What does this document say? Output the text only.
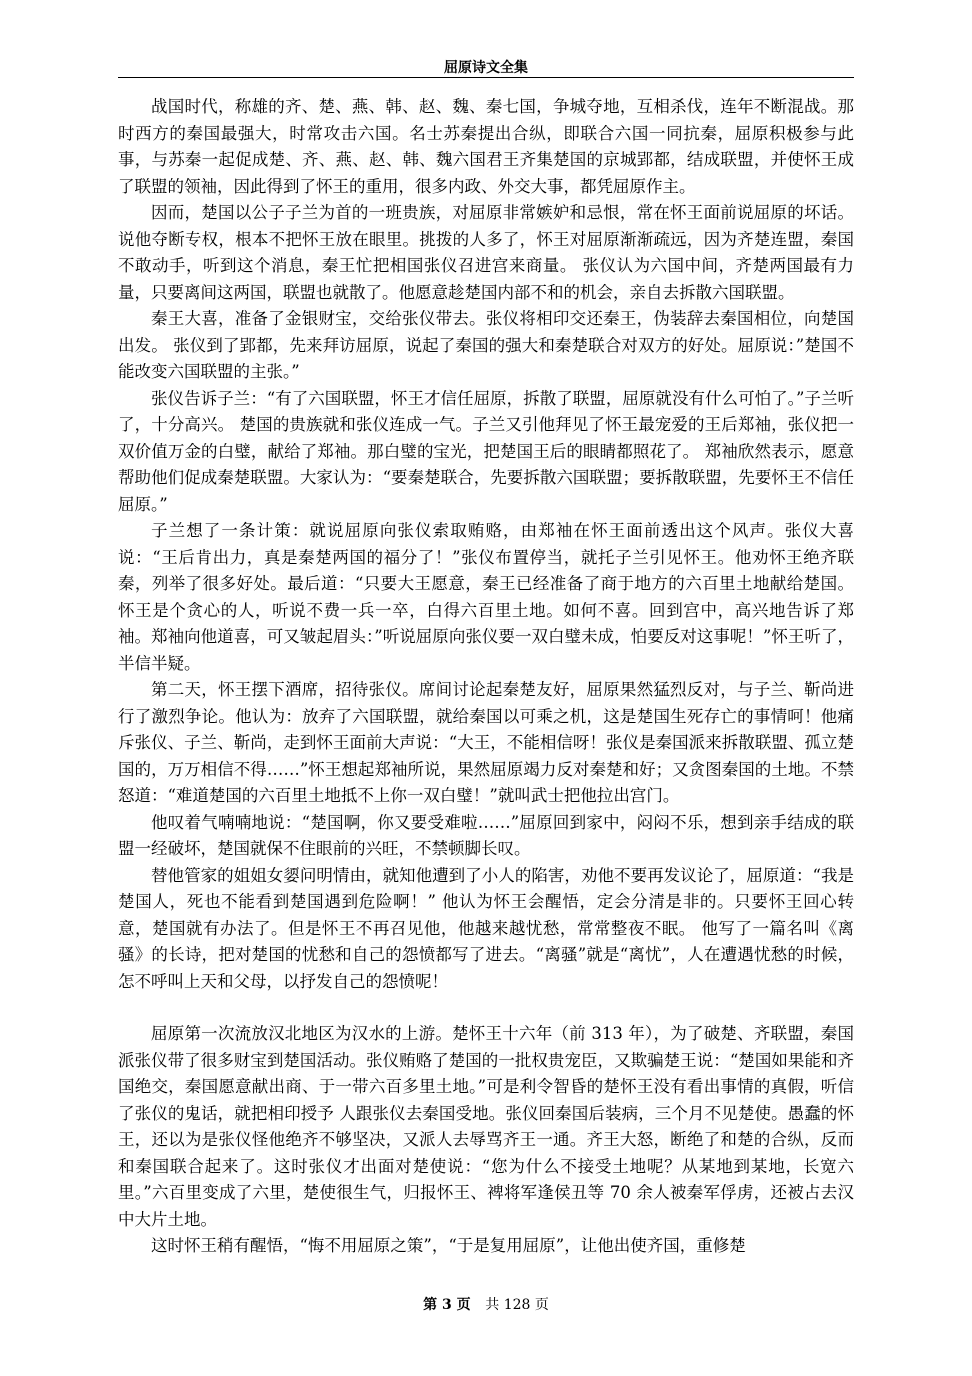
屈原诗文全集

战国时代，称雄的齐、楚、燕、韩、赵、魏、秦七国，争城夺地，互相杀伐，连年不断混战。那时西方的秦国最强大，时常攻击六国。名士苏秦提出合纵，即联合六国一同抗秦，屈原积极参与此事，与苏秦一起促成楚、齐、燕、赵、韩、魏六国君王齐集楚国的京城郢都，结成联盟，并使怀王成了联盟的领袖，因此得到了怀王的重用，很多内政、外交大事，都凭屈原作主。

因而，楚国以公子子兰为首的一班贵族，对屈原非常嫉妒和忌恨，常在怀王面前说屈原的坏话。说他夺断专权，根本不把怀王放在眼里。挑拨的人多了，怀王对屈原渐渐疏远，因为齐楚连盟，秦国不敢动手，听到这个消息，秦王忙把相国张仪召进宫来商量。 张仪认为六国中间，齐楚两国最有力量，只要离间这两国，联盟也就散了。他愿意趁楚国内部不和的机会，亲自去拆散六国联盟。

秦王大喜，准备了金银财宝，交给张仪带去。张仪将相印交还秦王，伪装辞去秦国相位，向楚国出发。 张仪到了郢都，先来拜访屈原，说起了秦国的强大和秦楚联合对双方的好处。屈原说：”楚国不能改变六国联盟的主张。”

张仪告诉子兰：“有了六国联盟，怀王才信任屈原，拆散了联盟，屈原就没有什么可怕了。”子兰听了，十分高兴。 楚国的贵族就和张仪连成一气。子兰又引他拜见了怀王最宠爱的王后郑袖，张仪把一双价值万金的白璧，献给了郑袖。那白璧的宝光，把楚国王后的眼睛都照花了。 郑袖欣然表示，愿意帮助他们促成秦楚联盟。大家认为：“要秦楚联合，先要拆散六国联盟；要拆散联盟，先要怀王不信任屈原。”

子兰想了一条计策：就说屈原向张仪索取贿赂，由郑袖在怀王面前透出这个风声。张仪大喜说：“王后肯出力，真是秦楚两国的福分了！”张仪布置停当，就托子兰引见怀王。他劝怀王绝齐联秦，列举了很多好处。最后道：“只要大王愿意，秦王已经准备了商于地方的六百里土地献给楚国。 怀王是个贪心的人，听说不费一兵一卒，白得六百里土地。如何不喜。回到宫中，高兴地告诉了郑袖。郑袖向他道喜，可又皱起眉头：”听说屈原向张仪要一双白璧未成，怕要反对这事呢！”怀王听了，半信半疑。

第二天，怀王摆下酒席，招待张仪。席间讨论起秦楚友好，屈原果然猛烈反对，与子兰、靳尚进行了激烈争论。他认为：放弃了六国联盟，就给秦国以可乘之机，这是楚国生死存亡的事情呵！他痛斥张仪、子兰、靳尚，走到怀王面前大声说：“大王，不能相信呀！张仪是秦国派来拆散联盟、孤立楚国的，万万相信不得……”怀王想起郑袖所说，果然屈原竭力反对秦楚和好；又贪图秦国的土地。不禁怒道：“难道楚国的六百里土地抵不上你一双白璧！”就叫武士把他拉出宫门。

他叹着气喃喃地说：“楚国啊，你又要受难啦……”屈原回到家中，闷闷不乐，想到亲手结成的联盟一经破坏，楚国就保不住眼前的兴旺，不禁顿脚长叹。

替他管家的姐姐女媭问明情由，就知他遭到了小人的陷害，劝他不要再发议论了，屈原道：“我是楚国人，死也不能看到楚国遇到危险啊！” 他认为怀王会醒悟，定会分清是非的。只要怀王回心转意，楚国就有办法了。但是怀王不再召见他，他越来越忧愁，常常整夜不眠。 他写了一篇名叫《离骚》的长诗，把对楚国的忧愁和自己的怨愤都写了进去。“离骚”就是“离忧”，人在遭遇忧愁的时候，怎不呼叫上天和父母，以抒发自己的怨愤呢！

屈原第一次流放汉北地区为汉水的上游。楚怀王十六年（前 313 年），为了破楚、齐联盟，秦国派张仪带了很多财宝到楚国活动。张仪贿赂了楚国的一批权贵宠臣，又欺骗楚王说：“楚国如果能和齐国绝交，秦国愿意献出商、于一带六百多里土地。”可是利令智昏的楚怀王没有看出事情的真假，听信了张仪的鬼话，就把相印授予 人跟张仪去秦国受地。张仪回秦国后装病，三个月不见楚使。愚蠢的怀王，还以为是张仪怪他绝齐不够坚决，又派人去辱骂齐王一通。齐王大怒，断绝了和楚的合纵，反而和秦国联合起来了。这时张仪才出面对楚使说：“您为什么不接受土地呢？从某地到某地，长宽六里。”六百里变成了六里，楚使很生气，归报怀王、裨将军逢侯丑等 70 余人被秦军俘虏，还被占去汉中大片土地。

这时怀王稍有醒悟，“悔不用屈原之策”，“于是复用屈原”，让他出使齐国，重修楚

第 3 页 共 128 页
